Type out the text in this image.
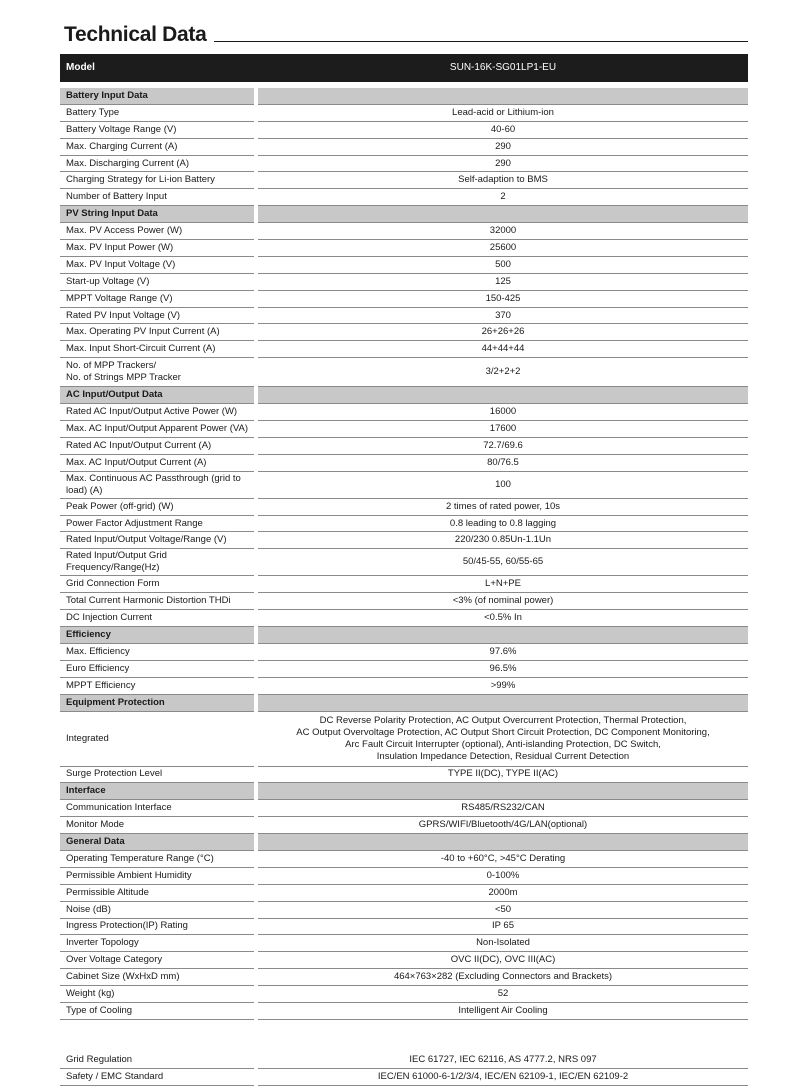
Technical Data
Model	SUN-16K-SG01LP1-EU
Battery Input Data		
Battery Type		Lead-acid or Lithium-ion
Battery Voltage Range (V)		40-60
Max. Charging Current (A)		290
Max. Discharging Current (A)		290
Charging Strategy for Li-ion Battery		Self-adaption to BMS
Number of Battery Input		2
PV String Input Data		
Max. PV Access Power (W)		32000
Max. PV Input Power (W)		25600
Max. PV Input Voltage (V)		500
Start-up Voltage (V)		125
MPPT Voltage Range (V)		150-425
Rated PV Input Voltage (V)		370
Max. Operating PV Input Current (A)		26+26+26
Max. Input Short-Circuit Current (A)		44+44+44
No. of MPP Trackers/
No. of Strings MPP Tracker		3/2+2+2
AC Input/Output Data		
Rated AC Input/Output Active Power (W)		16000
Max. AC Input/Output Apparent Power (VA)		17600
Rated AC Input/Output Current (A)		72.7/69.6
Max. AC Input/Output Current (A)		80/76.5
Max. Continuous AC Passthrough (grid to load) (A)		100
Peak Power (off-grid) (W)		2 times of rated power, 10s
Power Factor Adjustment Range		0.8 leading to 0.8 lagging
Rated Input/Output Voltage/Range (V)		220/230 0.85Un-1.1Un
Rated Input/Output Grid Frequency/Range(Hz)		50/45-55, 60/55-65
Grid Connection Form		L+N+PE
Total Current Harmonic Distortion THDi		<3% (of nominal power)
DC Injection Current		<0.5% In
Efficiency		
Max. Efficiency		97.6%
Euro Efficiency		96.5%
MPPT Efficiency		>99%
Equipment Protection		
Integrated		DC Reverse Polarity Protection, AC Output Overcurrent Protection, Thermal Protection,
AC Output Overvoltage Protection, AC Output Short Circuit Protection, DC Component Monitoring,
Arc Fault Circuit Interrupter (optional), Anti-islanding Protection, DC Switch,
Insulation Impedance Detection, Residual Current Detection
Surge Protection Level		TYPE II(DC), TYPE II(AC)
Interface		
Communication Interface		RS485/RS232/CAN
Monitor Mode		GPRS/WIFI/Bluetooth/4G/LAN(optional)
General Data		
Operating Temperature Range (°C)		-40 to +60°C, >45°C Derating
Permissible Ambient Humidity		0-100%
Permissible Altitude		2000m
Noise (dB)		<50
Ingress Protection(IP) Rating		IP 65
Inverter Topology		Non-Isolated
Over Voltage Category		OVC II(DC), OVC III(AC)
Cabinet Size (WxHxD mm)		464×763×282 (Excluding Connectors and Brackets)
Weight (kg)		52
Type of Cooling		Intelligent Air Cooling

Grid Regulation		IEC 61727, IEC 62116, AS 4777.2, NRS 097
Safety / EMC Standard		IEC/EN 61000-6-1/2/3/4, IEC/EN 62109-1, IEC/EN 62109-2
